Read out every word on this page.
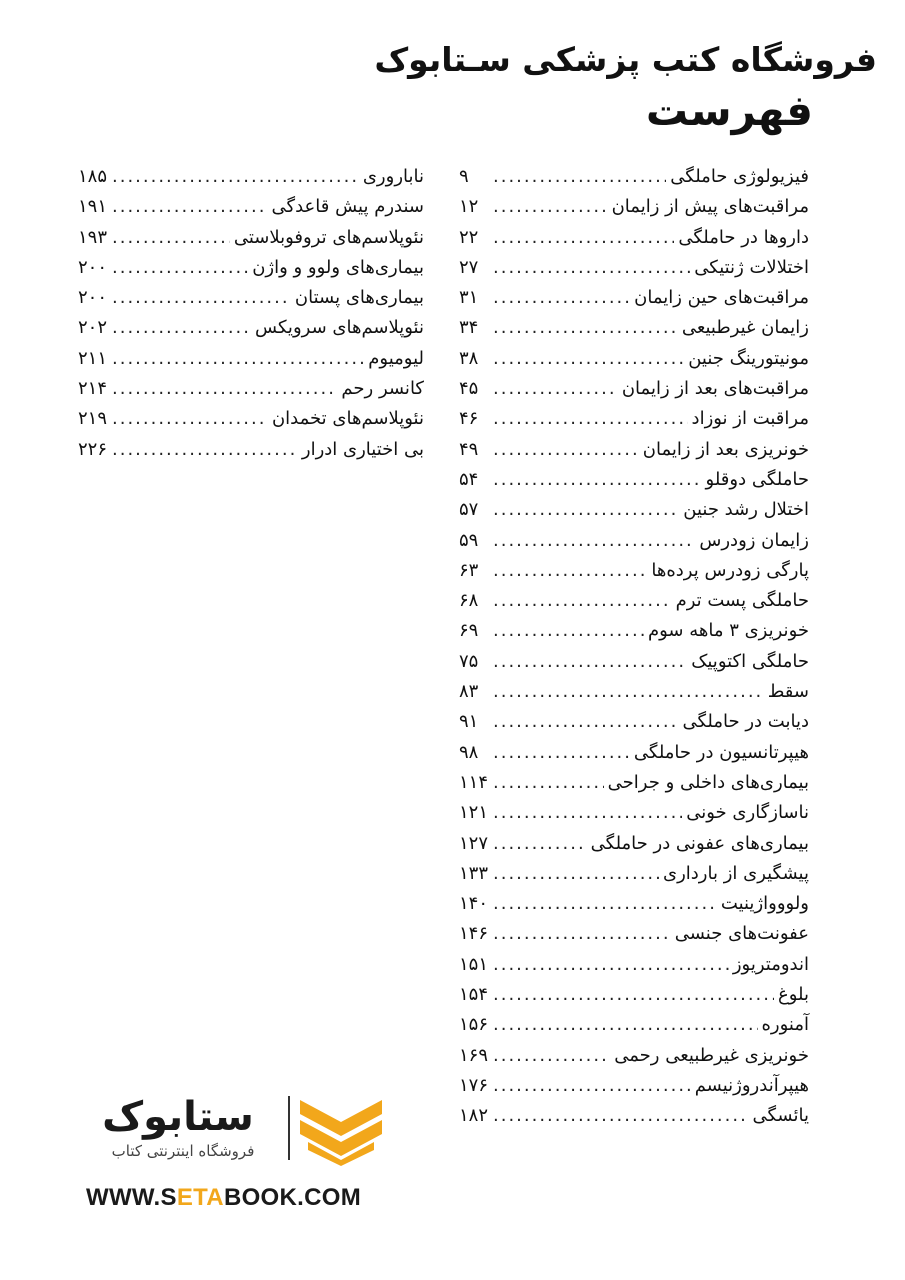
فروشگاه کتب پزشکی سـتابوک
فهرست
فیزیولوژی حاملگی
.....
۹
مراقبت‌های پیش از زایمان
.....
۱۲
داروها در حاملگی
.....
۲۲
اختلالات ژنتیکی
.....
۲۷
مراقبت‌های حین زایمان
.....
۳۱
زایمان غیرطبیعی
.....
۳۴
مونیتورینگ جنین
.....
۳۸
مراقبت‌های بعد از زایمان
.....
۴۵
مراقبت از نوزاد
.....
۴۶
خونریزی بعد از زایمان
.....
۴۹
حاملگی دوقلو
.....
۵۴
اختلال رشد جنین
.....
۵۷
زایمان زودرس
.....
۵۹
پارگی زودرس پرده‌ها
.....
۶۳
حاملگی پست ترم
.....
۶۸
خونریزی ۳ ماهه سوم
.....
۶۹
حاملگی اکتوپیک
.....
۷۵
سقط
.....
۸۳
دیابت در حاملگی
.....
۹۱
هیپرتانسیون در حاملگی
.....
۹۸
بیماری‌های داخلی و جراحی
.....
۱۱۴
ناسازگاری خونی
.....
۱۲۱
بیماری‌های عفونی در حاملگی
.....
۱۲۷
پیشگیری از بارداری
.....
۱۳۳
ولووواژینیت
.....
۱۴۰
عفونت‌های جنسی
.....
۱۴۶
اندومتریوز
.....
۱۵۱
بلوغ
.....
۱۵۴
آمنوره
.....
۱۵۶
خونریزی غیرطبیعی رحمی
.....
۱۶۹
هیپرآندروژنیسم
.....
۱۷۶
یائسگی
.....
۱۸۲
ناباروری
.....
۱۸۵
سندرم پیش قاعدگی
.....
۱۹۱
نئوپلاسم‌های تروفوبلاستی
.....
۱۹۳
بیماری‌های ولوو و واژن
.....
۲۰۰
بیماری‌های پستان
.....
۲۰۰
نئوپلاسم‌های سرویکس
.....
۲۰۲
لیومیوم
.....
۲۱۱
کانسر رحم
.....
۲۱۴
نئوپلاسم‌های تخمدان
.....
۲۱۹
بی اختیاری ادرار
.....
۲۲۶
ستابوک
فروشگاه اینترنتی کتاب
WWW.SETABOOK.COM
